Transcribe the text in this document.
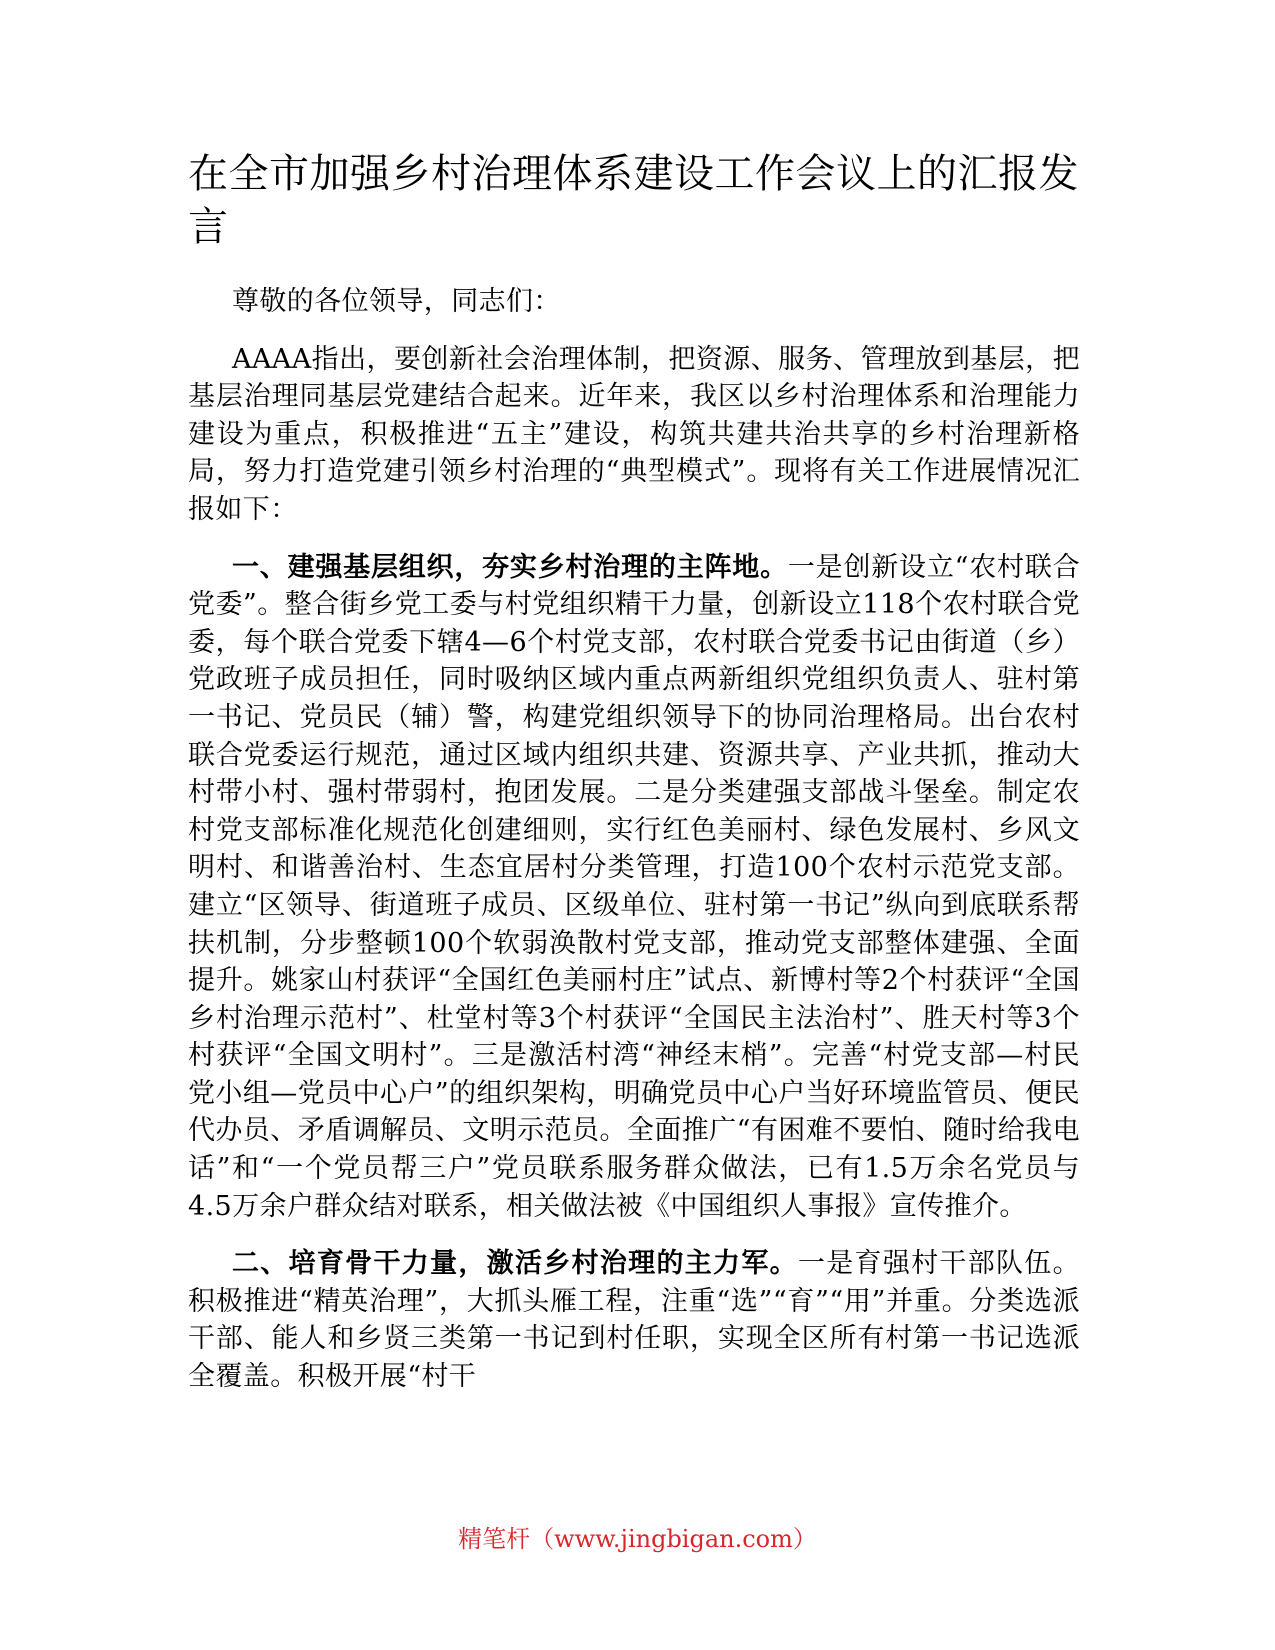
在全市加强乡村治理体系建设工作会议上的汇报发言

尊敬的各位领导，同志们：

AAAA指出，要创新社会治理体制，把资源、服务、管理放到基层，把基层治理同基层党建结合起来。近年来，我区以乡村治理体系和治理能力建设为重点，积极推进“五主”建设，构筑共建共治共享的乡村治理新格局，努力打造党建引领乡村治理的“典型模式”。现将有关工作进展情况汇报如下：

一、建强基层组织，夯实乡村治理的主阵地。一是创新设立“农村联合党委”。整合街乡党工委与村党组织精干力量，创新设立118个农村联合党委，每个联合党委下辖4—6个村党支部，农村联合党委书记由街道（乡）党政班子成员担任，同时吸纳区域内重点两新组织党组织负责人、驻村第一书记、党员民（辅）警，构建党组织领导下的协同治理格局。出台农村联合党委运行规范，通过区域内组织共建、资源共享、产业共抓，推动大村带小村、强村带弱村，抱团发展。二是分类建强支部战斗堡垒。制定农村党支部标准化规范化创建细则，实行红色美丽村、绿色发展村、乡风文明村、和谐善治村、生态宜居村分类管理，打造100个农村示范党支部。建立“区领导、街道班子成员、区级单位、驻村第一书记”纵向到底联系帮扶机制，分步整顿100个软弱涣散村党支部，推动党支部整体建强、全面提升。姚家山村获评“全国红色美丽村庄”试点、新博村等2个村获评“全国乡村治理示范村”、杜堂村等3个村获评“全国民主法治村”、胜天村等3个村获评“全国文明村”。三是激活村湾“神经末梢”。完善“村党支部—村民党小组—党员中心户”的组织架构，明确党员中心户当好环境监管员、便民代办员、矛盾调解员、文明示范员。全面推广“有困难不要怕、随时给我电话”和“一个党员帮三户”党员联系服务群众做法，已有1.5万余名党员与4.5万余户群众结对联系，相关做法被《中国组织人事报》宣传推介。

二、培育骨干力量，激活乡村治理的主力军。一是育强村干部队伍。积极推进“精英治理”，大抓头雁工程，注重“选”“育”“用”并重。分类选派干部、能人和乡贤三类第一书记到村任职，实现全区所有村第一书记选派全覆盖。积极开展“村干

精笔杆（www.jingbigan.com）
